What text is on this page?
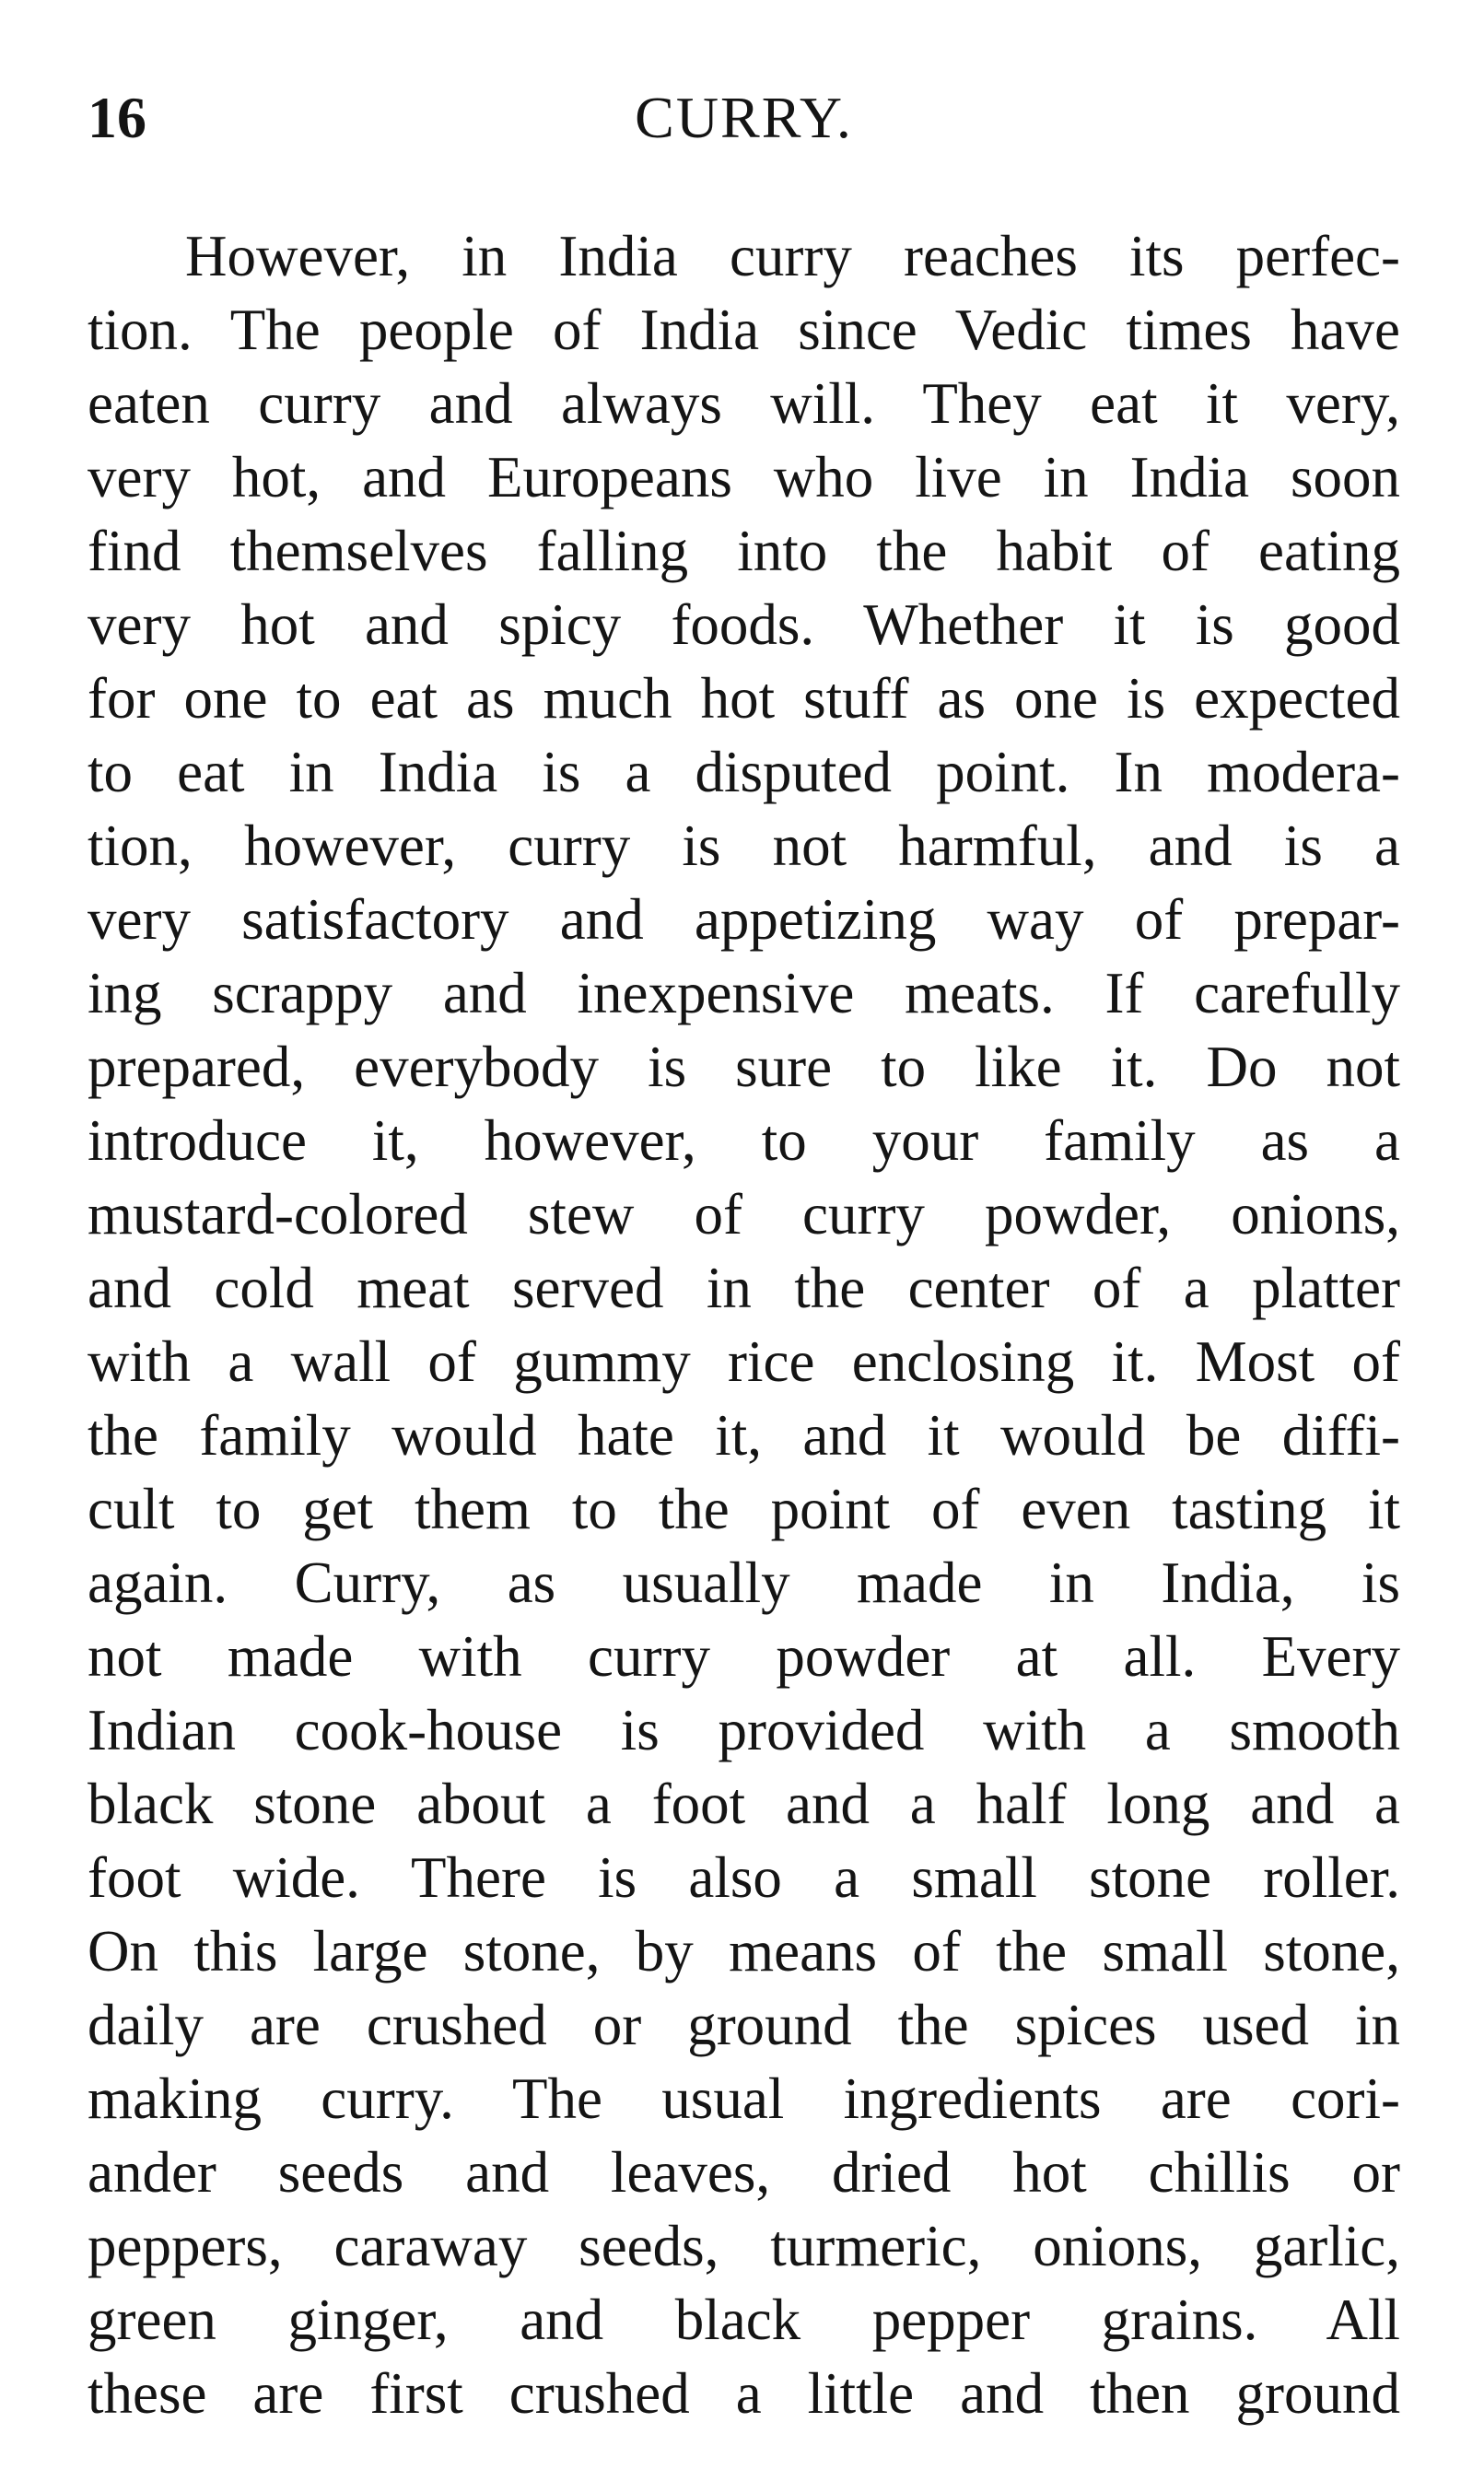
16	CURRY.
However, in India curry reaches its perfec-
tion. The people of India since Vedic times have
eaten curry and always will. They eat it very,
very hot, and Europeans who live in India soon
find themselves falling into the habit of eating
very hot and spicy foods. Whether it is good
for one to eat as much hot stuff as one is expected
to eat in India is a disputed point. In modera-
tion, however, curry is not harmful, and is a
very satisfactory and appetizing way of prepar-
ing scrappy and inexpensive meats. If carefully
prepared, everybody is sure to like it. Do not
introduce it, however, to your family as a
mustard-colored stew of curry powder, onions,
and cold meat served in the center of a platter
with a wall of gummy rice enclosing it. Most of
the family would hate it, and it would be diffi-
cult to get them to the point of even tasting it
again. Curry, as usually made in India, is
not made with curry powder at all. Every
Indian cook-house is provided with a smooth
black stone about a foot and a half long and a
foot wide. There is also a small stone roller.
On this large stone, by means of the small stone,
daily are crushed or ground the spices used in
making curry. The usual ingredients are cori-
ander seeds and leaves, dried hot chillis or
peppers, caraway seeds, turmeric, onions, garlic,
green ginger, and black pepper grains. All
these are first crushed a little and then ground
